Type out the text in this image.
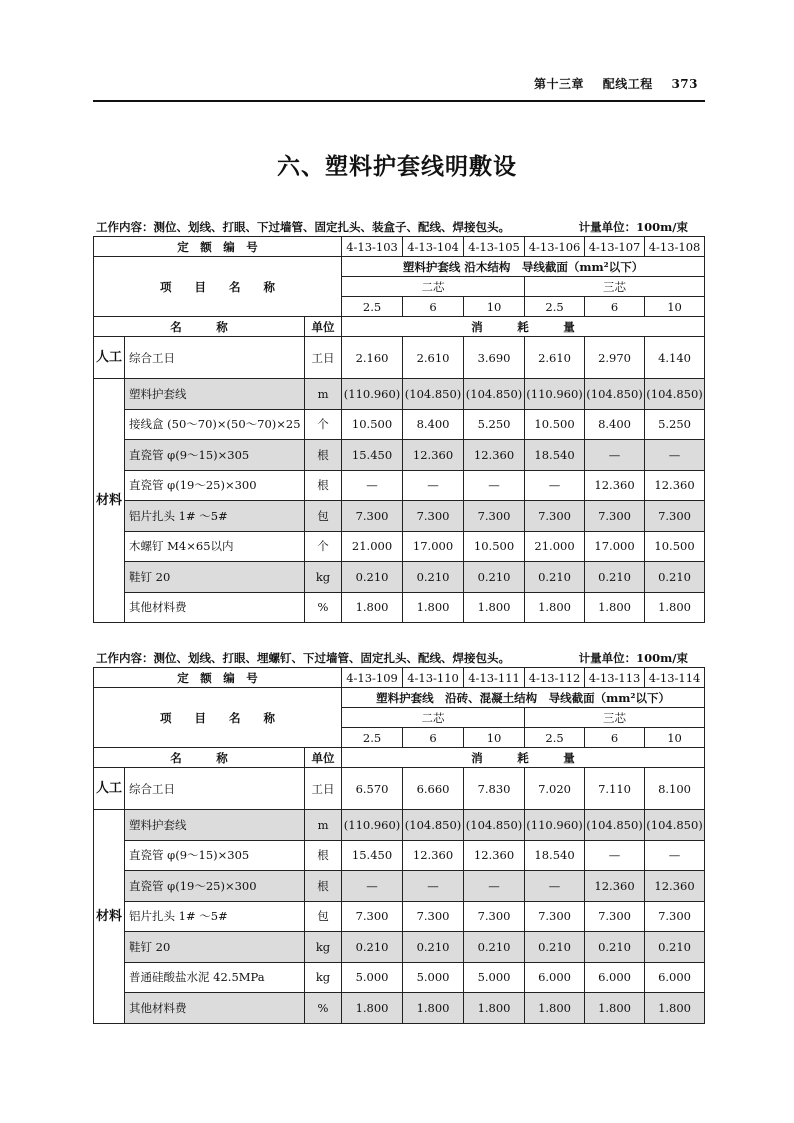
第十三章 配线工程 373
六、塑料护套线明敷设
工作内容：测位、划线、打眼、下过墙管、固定扎头、装盒子、配线、焊接包头。	计量单位：100m/束
定　额　编　号			4-13-103	4-13-104	4-13-105	4-13-106	4-13-107	4-13-108
项　　目　　名　　称			塑料护套线 沿木结构　导线截面（mm²以下）					
			二芯			三芯		
			2.5	6	10	2.5	6	10
名　　　称		单位	消　　　耗　　　量					
人工	综合工日	工日	2.160	2.610	3.690	2.610	2.970	4.140
材料	塑料护套线	m	(110.960)	(104.850)	(104.850)	(110.960)	(104.850)	(104.850)
	接线盒 (50～70)×(50～70)×25	个	10.500	8.400	5.250	10.500	8.400	5.250
	直瓷管 φ(9～15)×305	根	15.450	12.360	12.360	18.540	—	—
	直瓷管 φ(19～25)×300	根	—	—	—	—	12.360	12.360
	铝片扎头 1# ～5#	包	7.300	7.300	7.300	7.300	7.300	7.300
	木螺钉 M4×65以内	个	21.000	17.000	10.500	21.000	17.000	10.500
	鞋钉 20	kg	0.210	0.210	0.210	0.210	0.210	0.210
	其他材料费	%	1.800	1.800	1.800	1.800	1.800	1.800
工作内容：测位、划线、打眼、埋螺钉、下过墙管、固定扎头、配线、焊接包头。	计量单位：100m/束
定　额　编　号			4-13-109	4-13-110	4-13-111	4-13-112	4-13-113	4-13-114
项　　目　　名　　称			塑料护套线　沿砖、混凝土结构　导线截面（mm²以下）					
			二芯			三芯		
			2.5	6	10	2.5	6	10
名　　　称		单位	消　　　耗　　　量					
人工	综合工日	工日	6.570	6.660	7.830	7.020	7.110	8.100
材料	塑料护套线	m	(110.960)	(104.850)	(104.850)	(110.960)	(104.850)	(104.850)
	直瓷管 φ(9～15)×305	根	15.450	12.360	12.360	18.540	—	—
	直瓷管 φ(19～25)×300	根	—	—	—	—	12.360	12.360
	铝片扎头 1# ～5#	包	7.300	7.300	7.300	7.300	7.300	7.300
	鞋钉 20	kg	0.210	0.210	0.210	0.210	0.210	0.210
	普通硅酸盐水泥 42.5MPa	kg	5.000	5.000	5.000	6.000	6.000	6.000
	其他材料费	%	1.800	1.800	1.800	1.800	1.800	1.800
